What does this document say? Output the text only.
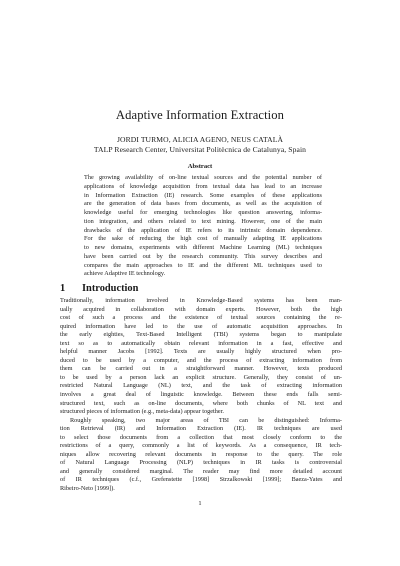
Adaptive Information Extraction
JORDI TURMO, ALICIA AGENO, NEUS CATALÀ
TALP Research Center, Universitat Politècnica de Catalunya, Spain
Abstract
The growing availability of on-line textual sources and the potential number of
applications of knowledge acquisition from textual data has lead to an increase
in Information Extraction (IE) research. Some examples of these applications
are the generation of data bases from documents, as well as the acquisition of
knowledge useful for emerging technologies like question answering, informa-
tion integration, and others related to text mining. However, one of the main
drawbacks of the application of IE refers to its intrinsic domain dependence.
For the sake of reducing the high cost of manually adapting IE applications
to new domains, experiments with different Machine Learning (ML) techniques
have been carried out by the research community. This survey describes and
compares the main approaches to IE and the different ML techniques used to
achieve Adaptive IE technology.
1 Introduction
Traditionally, information involved in Knowledge-Based systems has been man-
ually acquired in collaboration with domain experts. However, both the high
cost of such a process and the existence of textual sources containing the re-
quired information have led to the use of automatic acquisition approaches. In
the early eighties, Text-Based Intelligent (TBI) systems began to manipulate
text so as to automatically obtain relevant information in a fast, effective and
helpful manner Jacobs [1992]. Texts are usually highly structured when pro-
duced to be used by a computer, and the process of extracting information from
them can be carried out in a straightforward manner. However, texts produced
to be used by a person lack an explicit structure. Generally, they consist of un-
restricted Natural Language (NL) text, and the task of extracting information
involves a great deal of linguistic knowledge. Between these ends falls semi-
structured text, such as on-line documents, where both chunks of NL text and
structured pieces of information (e.g., meta-data) appear together.
Roughly speaking, two major areas of TBI can be distinguished: Informa-
tion Retrieval (IR) and Information Extraction (IE). IR techniques are used
to select those documents from a collection that most closely conform to the
restrictions of a query, commonly a list of keywords. As a consequence, IR tech-
niques allow recovering relevant documents in response to the query. The role
of Natural Language Processing (NLP) techniques in IR tasks is controversial
and generally considered marginal. The reader may find more detailed account
of IR techniques (c.f., Grefenstette [1998] Strzalkowski [1999]; Baeza-Yates and
Ribeiro-Neto [1999]).
1
